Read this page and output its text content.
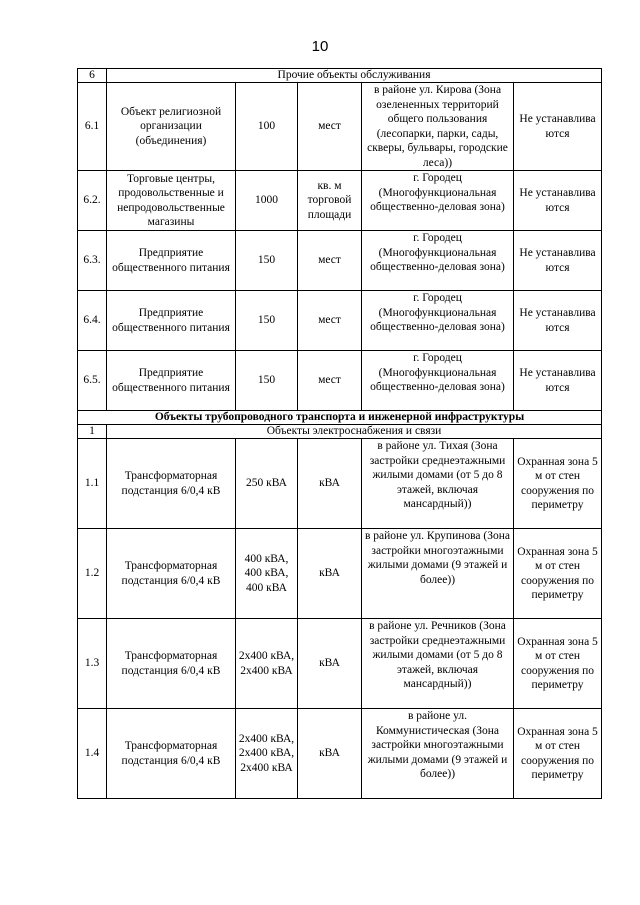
10
6	Прочие объекты обслуживания				
6.1	Объект религиозной организации (объединения)	100	мест	в районе ул. Кирова (Зона озелененных территорий общего пользования (лесопарки, парки, сады, скверы, бульвары, городские леса))	Не устанавлива ются
6.2.	Торговые центры, продовольственные и непродовольственные магазины	1000	кв. м торговой площади	г. Городец (Многофункциональная общественно-деловая зона)	Не устанавлива ются
6.3.	Предприятие общественного питания	150	мест	г. Городец (Многофункциональная общественно-деловая зона)	Не устанавлива ются
6.4.	Предприятие общественного питания	150	мест	г. Городец (Многофункциональная общественно-деловая зона)	Не устанавлива ются
6.5.	Предприятие общественного питания	150	мест	г. Городец (Многофункциональная общественно-деловая зона)	Не устанавлива ются
Объекты трубопроводного транспорта и инженерной инфраструктуры					
1	Объекты электроснабжения и связи				
1.1	Трансформаторная подстанция 6/0,4 кВ	250 кВА	кВА	в районе ул. Тихая (Зона застройки среднеэтажными жилыми домами (от 5 до 8 этажей, включая мансардный))	Охранная зона 5 м от стен сооружения по периметру
1.2	Трансформаторная подстанция 6/0,4 кВ	400 кВА, 400 кВА, 400 кВА	кВА	в районе ул. Крупинова (Зона застройки многоэтажными жилыми домами (9 этажей и более))	Охранная зона 5 м от стен сооружения по периметру
1.3	Трансформаторная подстанция 6/0,4 кВ	2х400 кВА, 2х400 кВА	кВА	в районе ул. Речников (Зона застройки среднеэтажными жилыми домами (от 5 до 8 этажей, включая мансардный))	Охранная зона 5 м от стен сооружения по периметру
1.4	Трансформаторная подстанция 6/0,4 кВ	2х400 кВА, 2х400 кВА, 2х400 кВА	кВА	в районе ул. Коммунистическая (Зона застройки многоэтажными жилыми домами (9 этажей и более))	Охранная зона 5 м от стен сооружения по периметру
